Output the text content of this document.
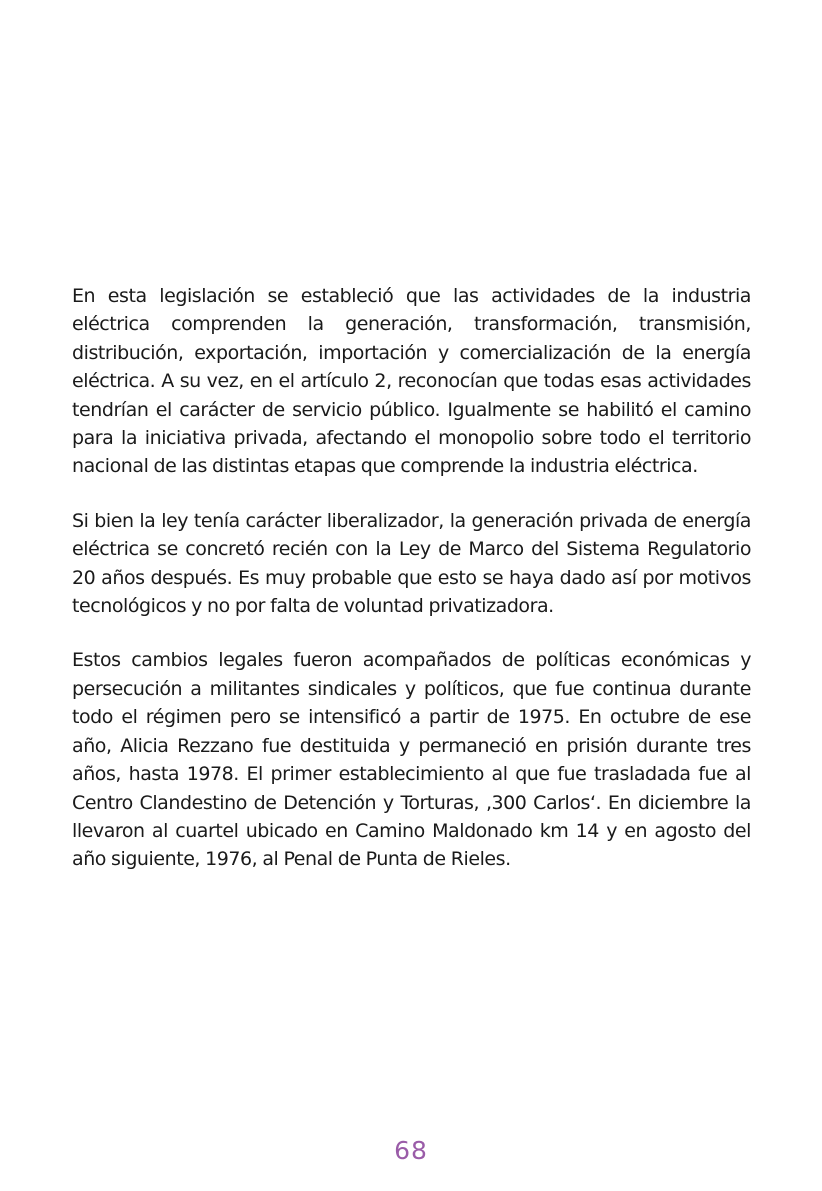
En esta legislación se estableció que las actividades de la industria eléctrica comprenden la generación, transformación, transmisión, distribución, exportación, importación y comercialización de la energía eléctrica. A su vez, en el artículo 2, reconocían que todas esas actividades tendrían el carácter de servicio público. Igualmente se habilitó el camino para la iniciativa privada, afectando el monopolio sobre todo el territorio nacional de las distintas etapas que comprende la industria eléctrica.

Si bien la ley tenía carácter liberalizador, la generación privada de energía eléctrica se concretó recién con la Ley de Marco del Sistema Regulatorio 20 años después. Es muy probable que esto se haya dado así por motivos tecnológicos y no por falta de voluntad privatizadora.

Estos cambios legales fueron acompañados de políticas económicas y persecución a militantes sindicales y políticos, que fue continua durante todo el régimen pero se intensificó a partir de 1975. En octubre de ese año, Alicia Rezzano fue destituida y permaneció en prisión durante tres años, hasta 1978. El primer establecimiento al que fue trasladada fue al Centro Clandestino de Detención y Torturas, ‚300 Carlos‘. En diciembre la llevaron al cuartel ubicado en Camino Maldonado km 14 y en agosto del año siguiente, 1976, al Penal de Punta de Rieles.

68
